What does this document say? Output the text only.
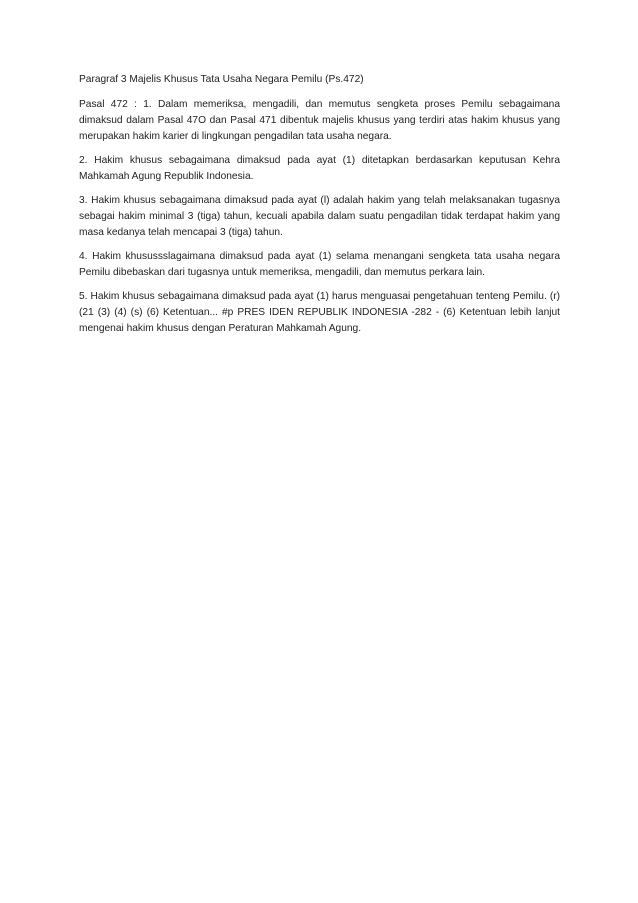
Paragraf 3 Majelis Khusus Tata Usaha Negara Pemilu (Ps.472)

Pasal 472 : 1. Dalam memeriksa, mengadili, dan memutus sengketa proses Pemilu sebagaimana dimaksud dalam Pasal 47O dan Pasal 471 dibentuk majelis khusus yang terdiri atas hakim khusus yang merupakan hakim karier di lingkungan pengadilan tata usaha negara.

2. Hakim khusus sebagaimana dimaksud pada ayat (1) ditetapkan berdasarkan keputusan Kehra Mahkamah Agung Republik Indonesia.

3. Hakim khusus sebagaimana dimaksud pada ayat (l) adalah hakim yang telah melaksanakan tugasnya sebagai hakim minimal 3 (tiga) tahun, kecuali apabila dalam suatu pengadilan tidak terdapat hakim yang masa kedanya telah mencapai 3 (tiga) tahun.

4. Hakim khusussslagaimana dimaksud pada ayat (1) selama menangani sengketa tata usaha negara Pemilu dibebaskan dari tugasnya untuk memeriksa, mengadili, dan memutus perkara lain.

5. Hakim khusus sebagaimana dimaksud pada ayat (1) harus menguasai pengetahuan tenteng Pemilu. (r) (21 (3) (4) (s) (6) Ketentuan... #p PRES IDEN REPUBLIK INDONESIA -282 - (6) Ketentuan lebih lanjut mengenai hakim khusus dengan Peraturan Mahkamah Agung.
